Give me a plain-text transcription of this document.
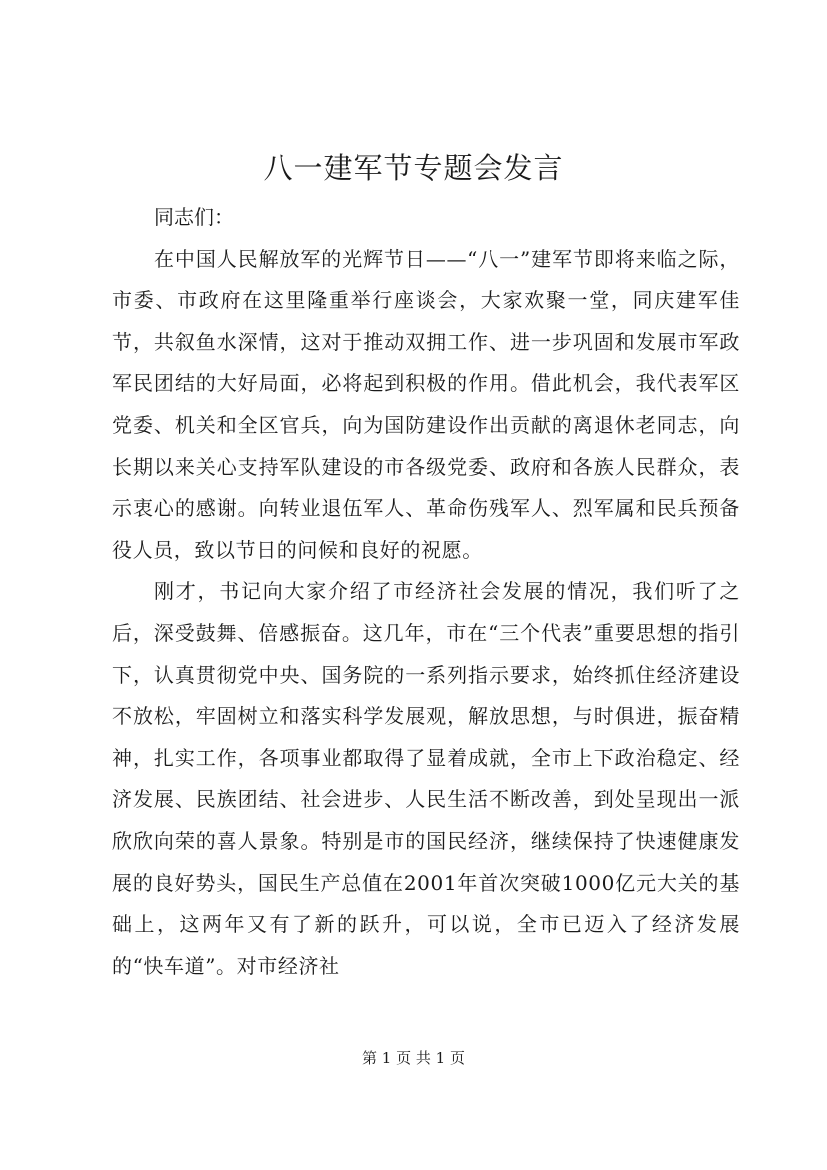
八一建军节专题会发言

同志们：

在中国人民解放军的光辉节日——“八一”建军节即将来临之际，市委、市政府在这里隆重举行座谈会，大家欢聚一堂，同庆建军佳节，共叙鱼水深情，这对于推动双拥工作、进一步巩固和发展市军政军民团结的大好局面，必将起到积极的作用。借此机会，我代表军区党委、机关和全区官兵，向为国防建设作出贡献的离退休老同志，向长期以来关心支持军队建设的市各级党委、政府和各族人民群众，表示衷心的感谢。向转业退伍军人、革命伤残军人、烈军属和民兵预备役人员，致以节日的问候和良好的祝愿。

刚才，书记向大家介绍了市经济社会发展的情况，我们听了之后，深受鼓舞、倍感振奋。这几年，市在“三个代表”重要思想的指引下，认真贯彻党中央、国务院的一系列指示要求，始终抓住经济建设不放松，牢固树立和落实科学发展观，解放思想，与时俱进，振奋精神，扎实工作，各项事业都取得了显着成就，全市上下政治稳定、经济发展、民族团结、社会进步、人民生活不断改善，到处呈现出一派欣欣向荣的喜人景象。特别是市的国民经济，继续保持了快速健康发展的良好势头，国民生产总值在2001年首次突破1000亿元大关的基础上，这两年又有了新的跃升，可以说，全市已迈入了经济发展的“快车道”。对市经济社

第 1 页 共 1 页
